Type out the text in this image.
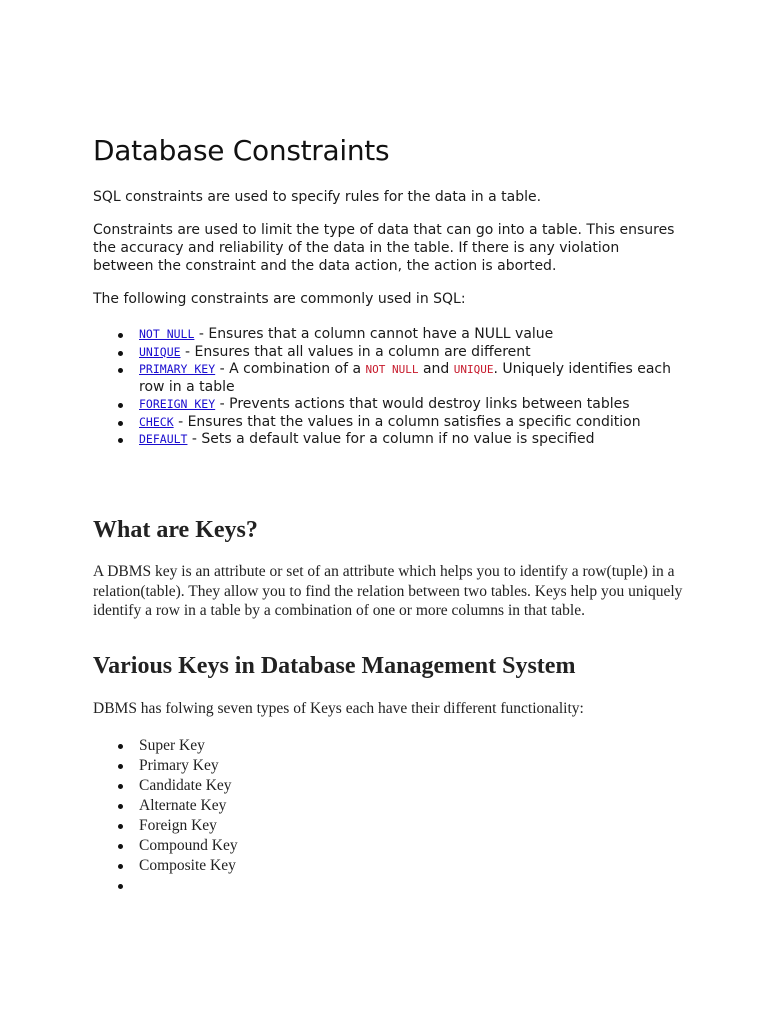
Database Constraints

SQL constraints are used to specify rules for the data in a table.

Constraints are used to limit the type of data that can go into a table. This ensures the accuracy and reliability of the data in the table. If there is any violation between the constraint and the data action, the action is aborted.

The following constraints are commonly used in SQL:

NOT NULL - Ensures that a column cannot have a NULL value
UNIQUE - Ensures that all values in a column are different
PRIMARY KEY - A combination of a NOT NULL and UNIQUE. Uniquely identifies each row in a table
FOREIGN KEY - Prevents actions that would destroy links between tables
CHECK - Ensures that the values in a column satisfies a specific condition
DEFAULT - Sets a default value for a column if no value is specified
What are Keys?

A DBMS key is an attribute or set of an attribute which helps you to identify a row(tuple) in a relation(table). They allow you to find the relation between two tables. Keys help you uniquely identify a row in a table by a combination of one or more columns in that table.

Various Keys in Database Management System

DBMS has folwing seven types of Keys each have their different functionality:

Super Key
Primary Key
Candidate Key
Alternate Key
Foreign Key
Compound Key
Composite Key
